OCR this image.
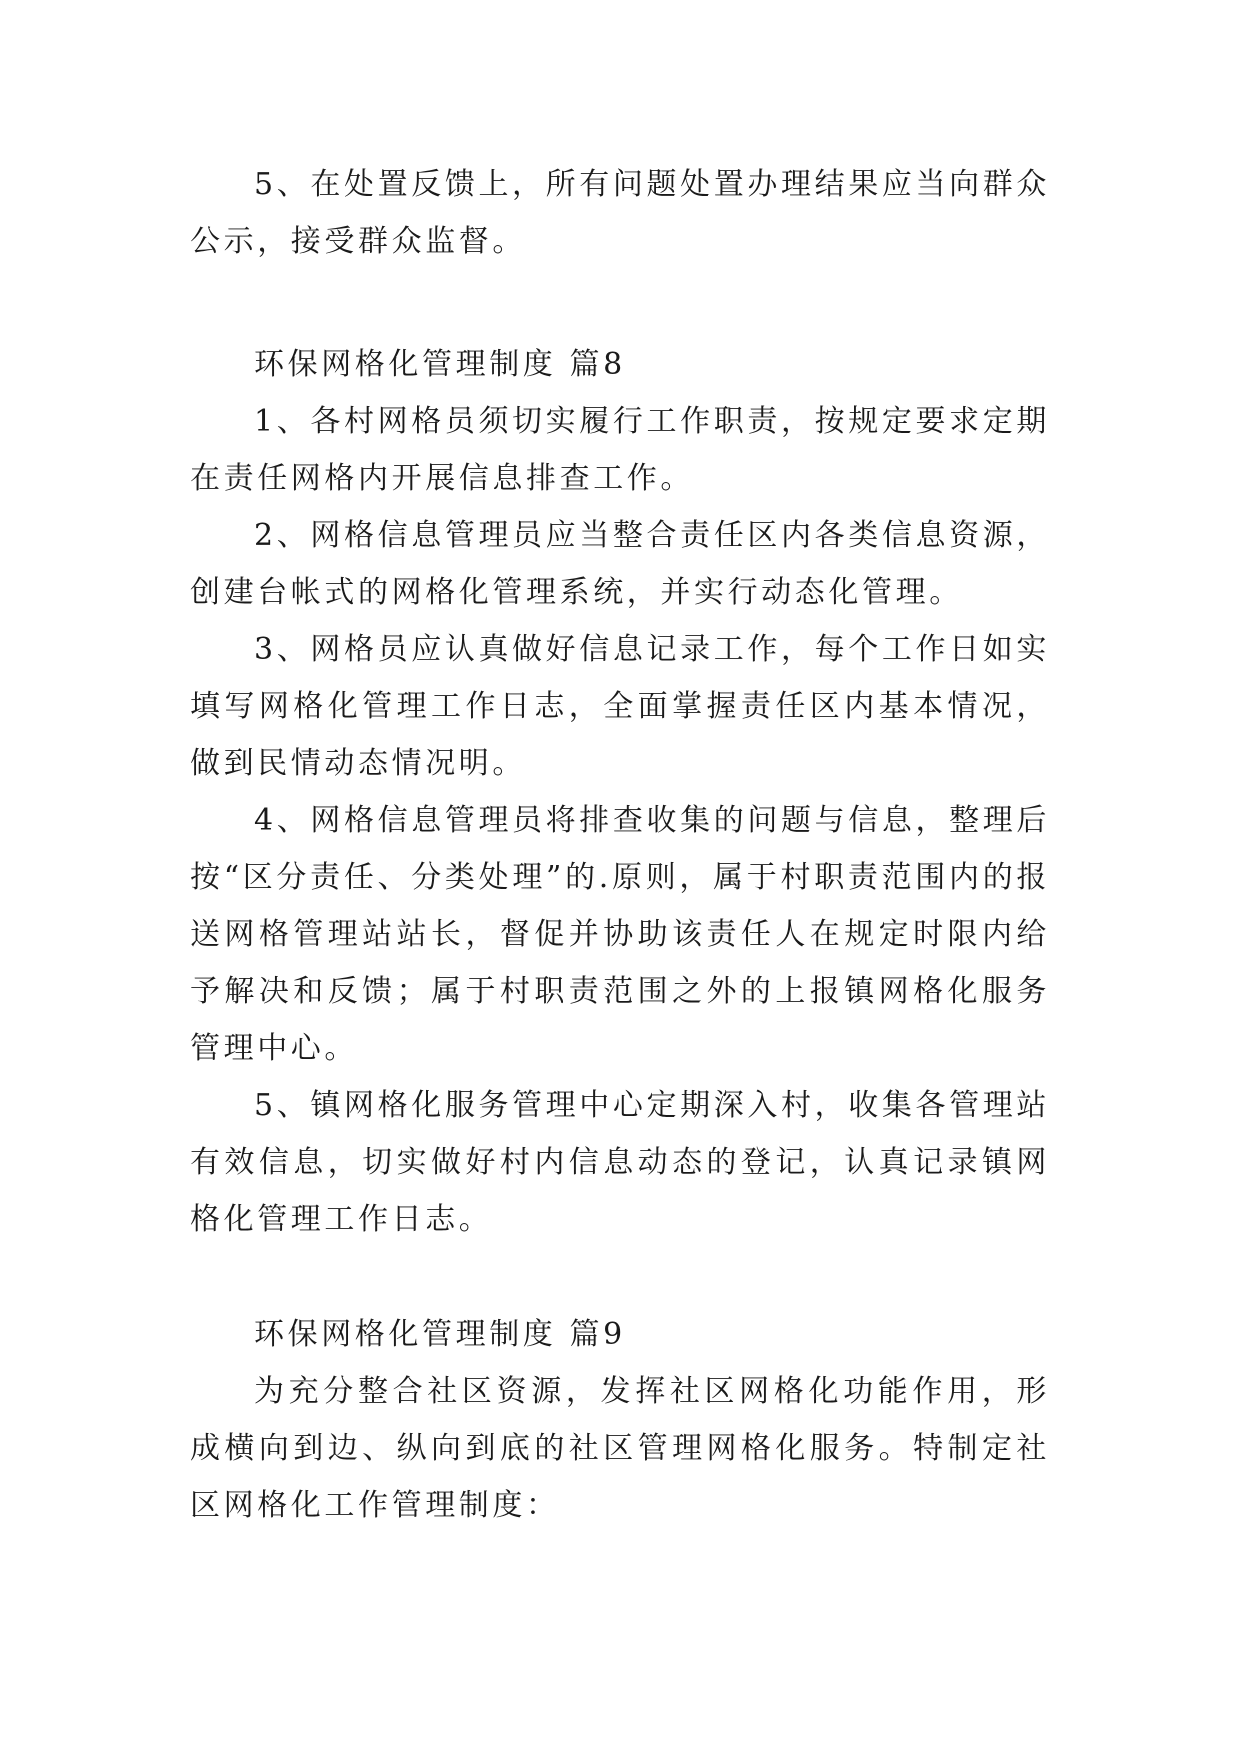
5、在处置反馈上，所有问题处置办理结果应当向群众公示，接受群众监督。

环保网格化管理制度 篇8

1、各村网格员须切实履行工作职责，按规定要求定期在责任网格内开展信息排查工作。

2、网格信息管理员应当整合责任区内各类信息资源，创建台帐式的网格化管理系统，并实行动态化管理。

3、网格员应认真做好信息记录工作，每个工作日如实填写网格化管理工作日志，全面掌握责任区内基本情况，做到民情动态情况明。

4、网格信息管理员将排查收集的问题与信息，整理后按“区分责任、分类处理”的.原则，属于村职责范围内的报送网格管理站站长，督促并协助该责任人在规定时限内给予解决和反馈；属于村职责范围之外的上报镇网格化服务管理中心。

5、镇网格化服务管理中心定期深入村，收集各管理站有效信息，切实做好村内信息动态的登记，认真记录镇网格化管理工作日志。

环保网格化管理制度 篇9

为充分整合社区资源，发挥社区网格化功能作用，形成横向到边、纵向到底的社区管理网格化服务。特制定社区网格化工作管理制度：
